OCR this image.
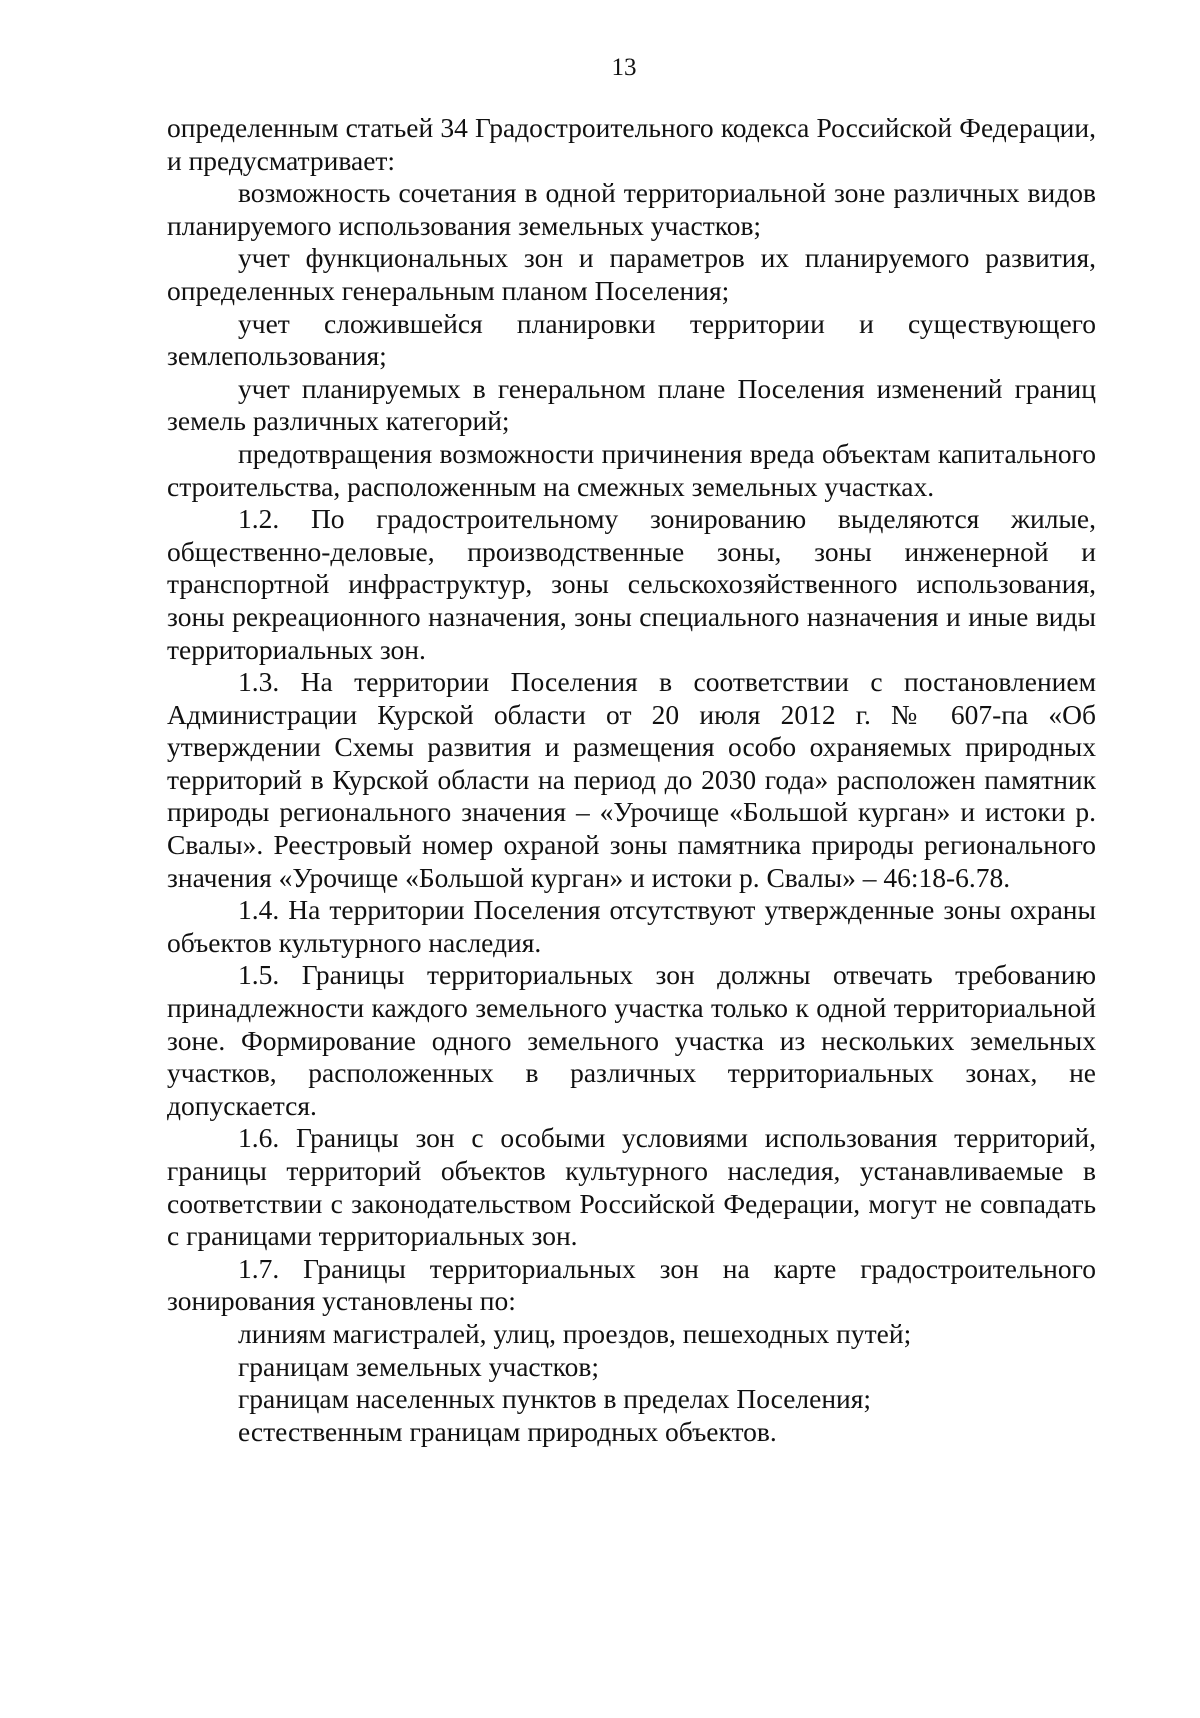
13

определенным статьей 34 Градостроительного кодекса Российской Федерации, и предусматривает:

возможность сочетания в одной территориальной зоне различных видов планируемого использования земельных участков;

учет функциональных зон и параметров их планируемого развития, определенных генеральным планом Поселения;

учет сложившейся планировки территории и существующего землепользования;

учет планируемых в генеральном плане Поселения изменений границ земель различных категорий;

предотвращения возможности причинения вреда объектам капитального строительства, расположенным на смежных земельных участках.

1.2. По градостроительному зонированию выделяются жилые, общественно-деловые, производственные зоны, зоны инженерной и транспортной инфраструктур, зоны сельскохозяйственного использования, зоны рекреационного назначения, зоны специального назначения и иные виды территориальных зон.

1.3. На территории Поселения в соответствии с постановлением Администрации Курской области от 20 июля 2012 г. № 607-па «Об утверждении Схемы развития и размещения особо охраняемых природных территорий в Курской области на период до 2030 года» расположен памятник природы регионального значения – «Урочище «Большой курган» и истоки р. Свалы». Реестровый номер охраной зоны памятника природы регионального значения «Урочище «Большой курган» и истоки р. Свалы» – 46:18-6.78.

1.4. На территории Поселения отсутствуют утвержденные зоны охраны объектов культурного наследия.

1.5. Границы территориальных зон должны отвечать требованию принадлежности каждого земельного участка только к одной территориальной зоне. Формирование одного земельного участка из нескольких земельных участков, расположенных в различных территориальных зонах, не допускается.

1.6. Границы зон с особыми условиями использования территорий, границы территорий объектов культурного наследия, устанавливаемые в соответствии с законодательством Российской Федерации, могут не совпадать с границами территориальных зон.

1.7. Границы территориальных зон на карте градостроительного зонирования установлены по:

линиям магистралей, улиц, проездов, пешеходных путей;

границам земельных участков;

границам населенных пунктов в пределах Поселения;

естественным границам природных объектов.
